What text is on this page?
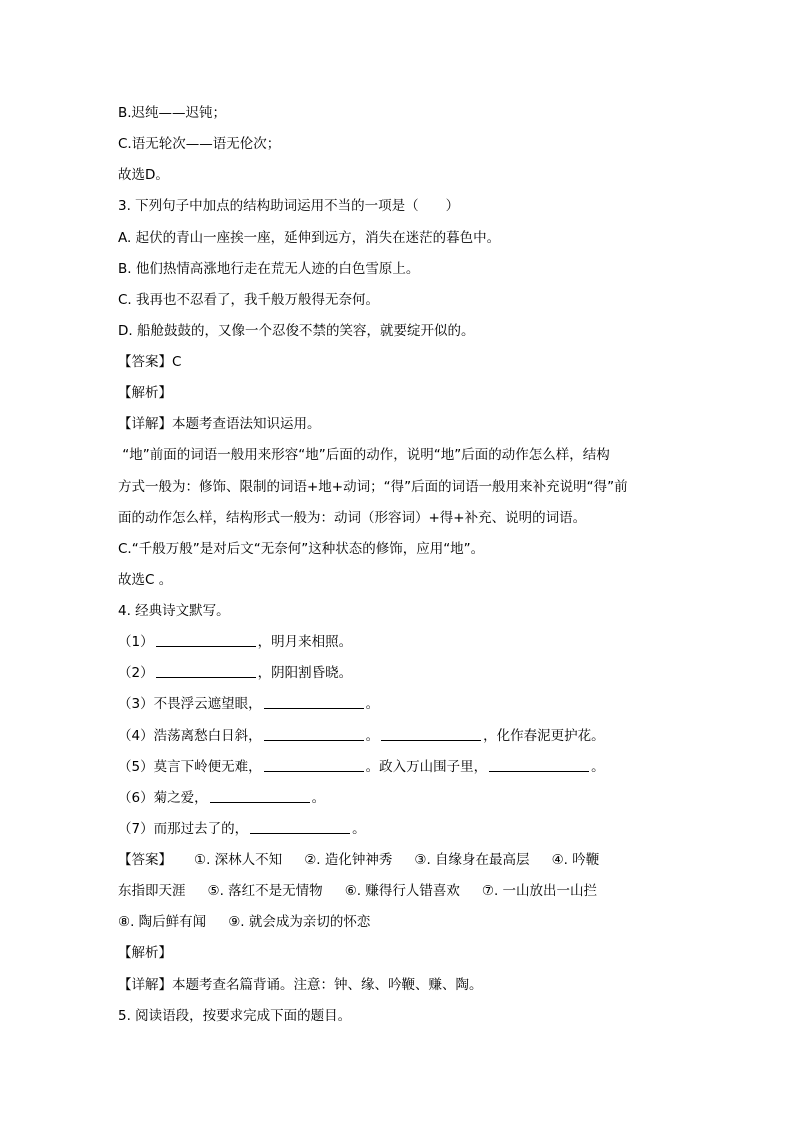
B.迟纯——迟钝；
C.语无轮次——语无伦次；
故选D。
3. 下列句子中加点的结构助词运用不当的一项是（　　）
A. 起伏的青山一座挨一座，延伸到远方，消失在迷茫的暮色中。
B. 他们热情高涨地行走在荒无人迹的白色雪原上。
C. 我再也不忍看了，我千般万般得无奈何。
D. 船舱鼓鼓的，又像一个忍俊不禁的笑容，就要绽开似的。
【答案】C
【解析】
【详解】本题考查语法知识运用。
“地”前面的词语一般用来形容“地”后面的动作，说明“地”后面的动作怎么样，结构
方式一般为：修饰、限制的词语+地+动词；“得”后面的词语一般用来补充说明“得”前
面的动作怎么样，结构形式一般为：动词（形容词）+得+补充、说明的词语。
C.“千般万般”是对后文“无奈何”这种状态的修饰，应用“地”。
故选C 。
4. 经典诗文默写。
（1）	，明月来相照。
（2）	，阴阳割昏晓。
（3）不畏浮云遮望眼，	。
（4）浩荡离愁白日斜，	。	，化作春泥更护花。
（5）莫言下岭便无难，	。政入万山围子里，	。
（6）菊之爱，	。
（7）而那过去了的，	。
【答案】 ①. 深林人不知 ②. 造化钟神秀 ③. 自缘身在最高层 ④. 吟鞭
东指即天涯 ⑤. 落红不是无情物 ⑥. 赚得行人错喜欢 ⑦. 一山放出一山拦
⑧. 陶后鲜有闻 ⑨. 就会成为亲切的怀恋
【解析】
【详解】本题考查名篇背诵。注意：钟、缘、吟鞭、赚、陶。
5. 阅读语段，按要求完成下面的题目。
